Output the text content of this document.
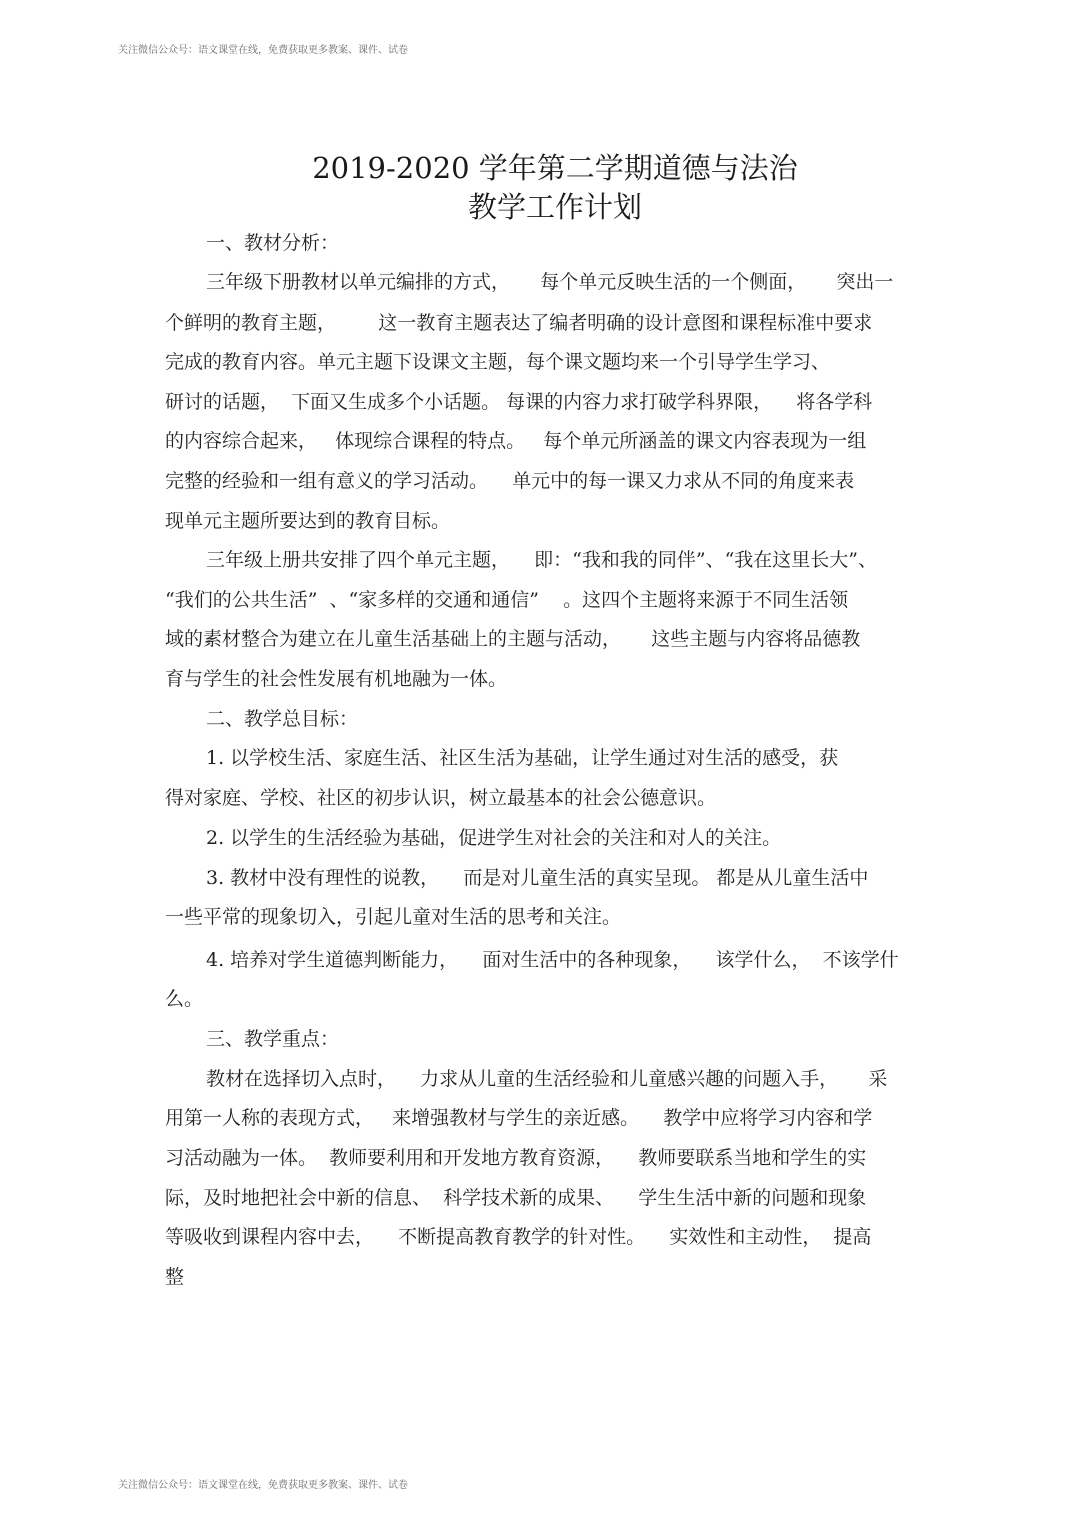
关注微信公众号：语文课堂在线，免费获取更多教案、课件、试卷
2019-2020 学年第二学期道德与法治
教学工作计划
一、教材分析：
三年级下册教材以单元编排的方式，     每个单元反映生活的一个侧面，     突出一
个鲜明的教育主题，       这一教育主题表达了编者明确的设计意图和课程标准中要求
完成的教育内容。单元主题下设课文主题，每个课文题均来一个引导学生学习、
研讨的话题，  下面又生成多个小话题。 每课的内容力求打破学科界限，    将各学科
的内容综合起来，   体现综合课程的特点。   每个单元所涵盖的课文内容表现为一组
完整的经验和一组有意义的学习活动。    单元中的每一课又力求从不同的角度来表
现单元主题所要达到的教育目标。
三年级上册共安排了四个单元主题，    即：“我和我的同伴”、“我在这里长大”、
“我们的公共生活”  、“家多样的交通和通信”    。这四个主题将来源于不同生活领
域的素材整合为建立在儿童生活基础上的主题与活动，     这些主题与内容将品德教
育与学生的社会性发展有机地融为一体。
二、教学总目标：
1. 以学校生活、家庭生活、社区生活为基础，让学生通过对生活的感受，获
得对家庭、学校、社区的初步认识，树立最基本的社会公德意识。
2. 以学生的生活经验为基础，促进学生对社会的关注和对人的关注。
3. 教材中没有理性的说教，    而是对儿童生活的真实呈现。 都是从儿童生活中
一些平常的现象切入，引起儿童对生活的思考和关注。
4. 培养对学生道德判断能力，    面对生活中的各种现象，    该学什么，  不该学什
么。
三、教学重点：
教材在选择切入点时，    力求从儿童的生活经验和儿童感兴趣的问题入手，     采
用第一人称的表现方式，   来增强教材与学生的亲近感。    教学中应将学习内容和学
习活动融为一体。  教师要利用和开发地方教育资源，    教师要联系当地和学生的实
际，及时地把社会中新的信息、  科学技术新的成果、    学生生活中新的问题和现象
等吸收到课程内容中去，    不断提高教育教学的针对性。    实效性和主动性，  提高
整
关注微信公众号：语文课堂在线，免费获取更多教案、课件、试卷
